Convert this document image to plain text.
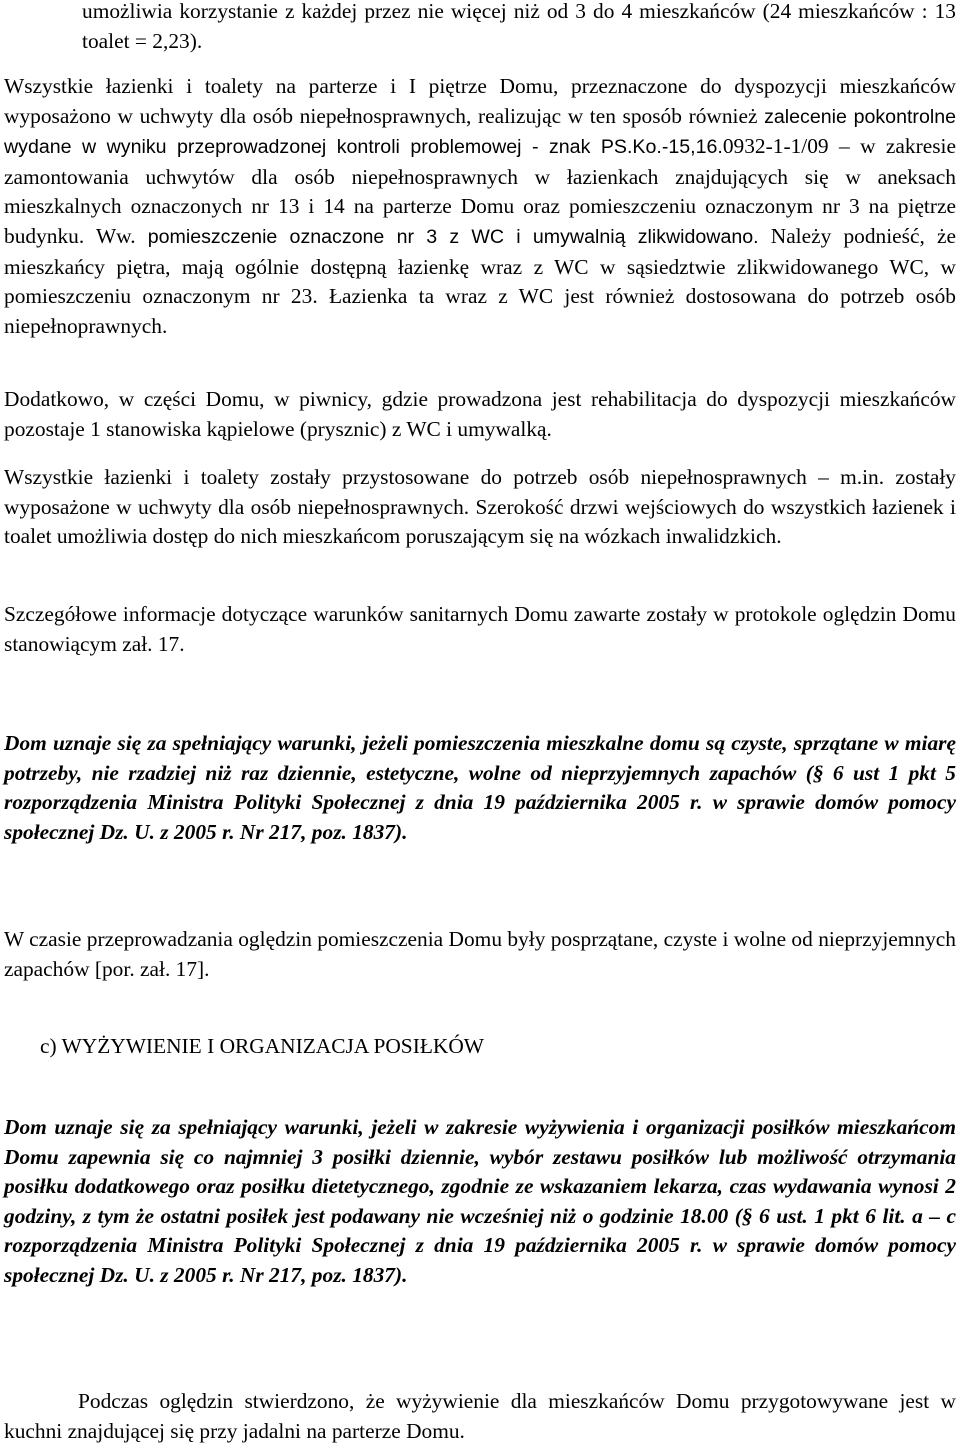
umożliwia korzystanie z każdej przez nie więcej niż od 3 do 4 mieszkańców (24 mieszkańców : 13 toalet = 2,23).

Wszystkie łazienki i toalety na parterze i I piętrze Domu, przeznaczone do dyspozycji mieszkańców wyposażono w uchwyty dla osób niepełnosprawnych, realizując w ten sposób również zalecenie pokontrolne wydane w wyniku przeprowadzonej kontroli problemowej - znak PS.Ko.-15,16.0932-1-1/09 – w zakresie zamontowania uchwytów dla osób niepełnosprawnych w łazienkach znajdujących się w aneksach mieszkalnych oznaczonych nr 13 i 14 na parterze Domu oraz pomieszczeniu oznaczonym nr 3 na piętrze budynku. Ww. pomieszczenie oznaczone nr 3 z WC i umywalnią zlikwidowano. Należy podnieść, że mieszkańcy piętra, mają ogólnie dostępną łazienkę wraz z WC w sąsiedztwie zlikwidowanego WC, w pomieszczeniu oznaczonym nr 23. Łazienka ta wraz z WC jest również dostosowana do potrzeb osób niepełnoprawnych.

Dodatkowo, w części Domu, w piwnicy, gdzie prowadzona jest rehabilitacja do dyspozycji mieszkańców pozostaje 1 stanowiska kąpielowe (prysznic) z WC i umywalką.

Wszystkie łazienki i toalety zostały przystosowane do potrzeb osób niepełnosprawnych – m.in. zostały wyposażone w uchwyty dla osób niepełnosprawnych. Szerokość drzwi wejściowych do wszystkich łazienek i toalet umożliwia dostęp do nich mieszkańcom poruszającym się na wózkach inwalidzkich.

Szczegółowe informacje dotyczące warunków sanitarnych Domu zawarte zostały w protokole oględzin Domu stanowiącym zał. 17.

Dom uznaje się za spełniający warunki, jeżeli pomieszczenia mieszkalne domu są czyste, sprzątane w miarę potrzeby, nie rzadziej niż raz dziennie, estetyczne, wolne od nieprzyjemnych zapachów (§ 6 ust 1 pkt 5 rozporządzenia Ministra Polityki Społecznej z dnia 19 października 2005 r. w sprawie domów pomocy społecznej Dz. U. z 2005 r. Nr 217, poz. 1837).

W czasie przeprowadzania oględzin pomieszczenia Domu były posprzątane, czyste i wolne od nieprzyjemnych zapachów [por. zał. 17].

c) WYŻYWIENIE I ORGANIZACJA POSIŁKÓW

Dom uznaje się za spełniający warunki, jeżeli w zakresie wyżywienia i organizacji posiłków mieszkańcom Domu zapewnia się co najmniej 3 posiłki dziennie, wybór zestawu posiłków lub możliwość otrzymania posiłku dodatkowego oraz posiłku dietetycznego, zgodnie ze wskazaniem lekarza, czas wydawania wynosi 2 godziny, z tym że ostatni posiłek jest podawany nie wcześniej niż o godzinie 18.00 (§ 6 ust. 1 pkt 6 lit. a – c rozporządzenia Ministra Polityki Społecznej z dnia 19 października 2005 r. w sprawie domów pomocy społecznej Dz. U. z 2005 r. Nr 217, poz. 1837).

Podczas oględzin stwierdzono, że wyżywienie dla mieszkańców Domu przygotowywane jest w kuchni znajdującej się przy jadalni na parterze Domu.
